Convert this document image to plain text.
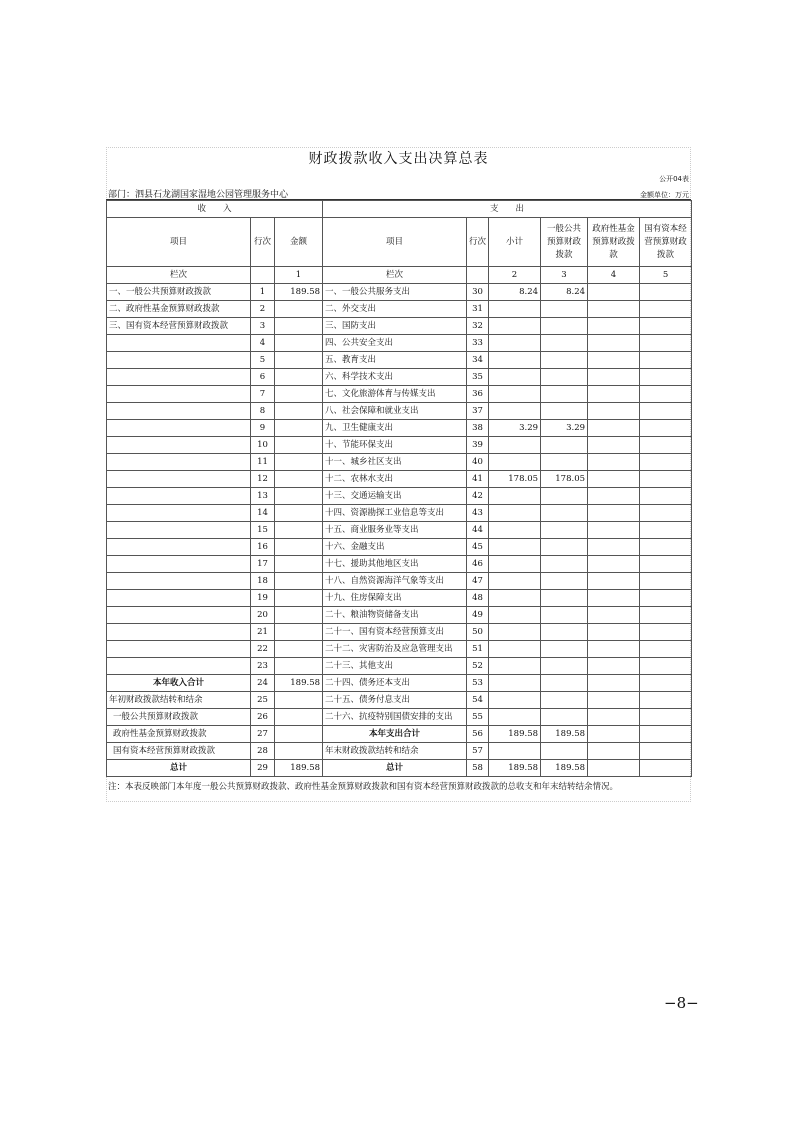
财政拨款收入支出决算总表
公开04表
部门：泗县石龙湖国家湿地公园管理服务中心	金额单位：万元
收　　入			支　　出					
项目	行次	金额	项目	行次	小计	一般公共预算财政拨款	政府性基金预算财政拨款	国有资本经营预算财政拨款
栏次		1	栏次		2	3	4	5
一、一般公共预算财政拨款	1	189.58	一、一般公共服务支出	30	8.24	8.24		
二、政府性基金预算财政拨款	2		二、外交支出	31				
三、国有资本经营预算财政拨款	3		三、国防支出	32				
	4		四、公共安全支出	33				
	5		五、教育支出	34				
	6		六、科学技术支出	35				
	7		七、文化旅游体育与传媒支出	36				
	8		八、社会保障和就业支出	37				
	9		九、卫生健康支出	38	3.29	3.29		
	10		十、节能环保支出	39				
	11		十一、城乡社区支出	40				
	12		十二、农林水支出	41	178.05	178.05		
	13		十三、交通运输支出	42				
	14		十四、资源勘探工业信息等支出	43				
	15		十五、商业服务业等支出	44				
	16		十六、金融支出	45				
	17		十七、援助其他地区支出	46				
	18		十八、自然资源海洋气象等支出	47				
	19		十九、住房保障支出	48				
	20		二十、粮油物资储备支出	49				
	21		二十一、国有资本经营预算支出	50				
	22		二十二、灾害防治及应急管理支出	51				
	23		二十三、其他支出	52				
本年收入合计	24	189.58	二十四、债务还本支出	53				
年初财政拨款结转和结余	25		二十五、债务付息支出	54				
一般公共预算财政拨款	26		二十六、抗疫特别国债安排的支出	55				
政府性基金预算财政拨款	27		本年支出合计	56	189.58	189.58		
国有资本经营预算财政拨款	28		年末财政拨款结转和结余	57				
总计	29	189.58	总计	58	189.58	189.58		
注：本表反映部门本年度一般公共预算财政拨款、政府性基金预算财政拨款和国有资本经营预算财政拨款的总收支和年末结转结余情况。
−8−
